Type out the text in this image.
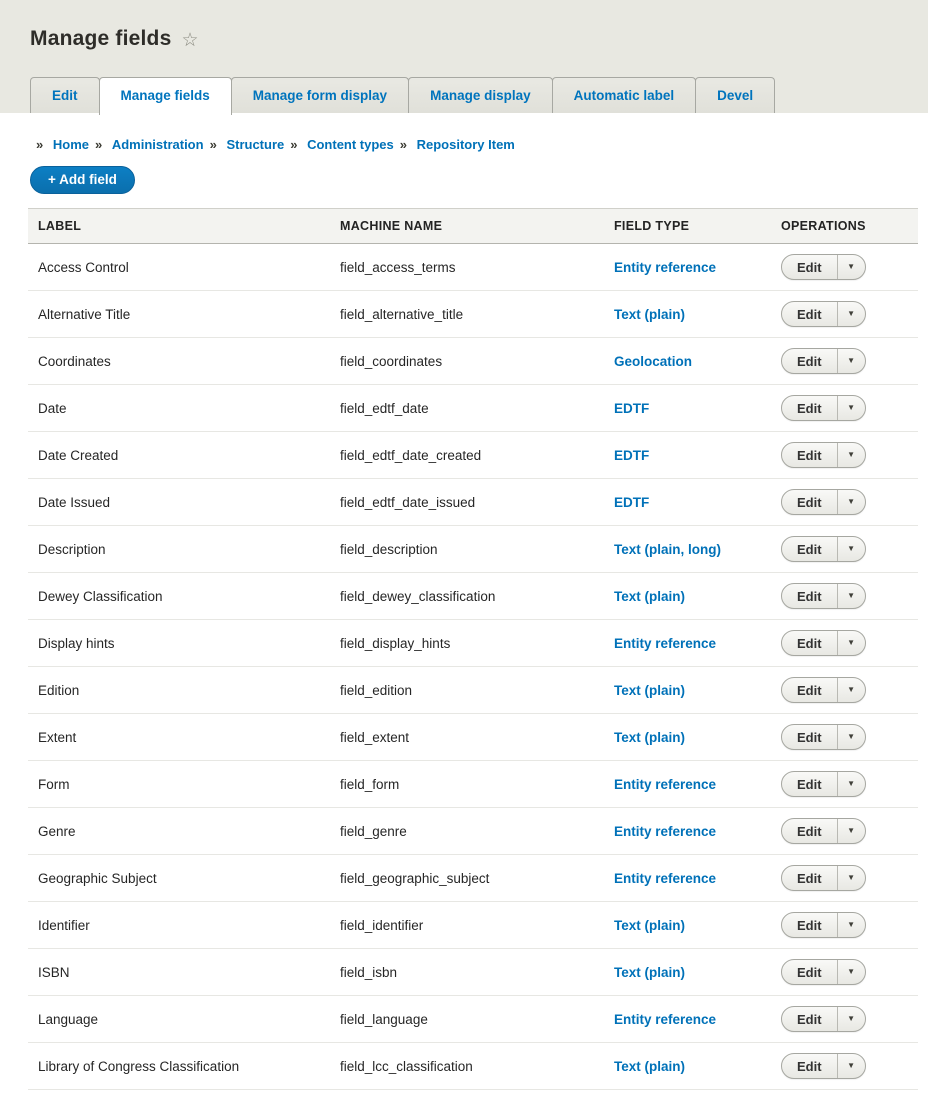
Manage fields ☆
Edit	Manage fields	Manage form display	Manage display	Automatic label	Devel
» Home » Administration » Structure » Content types » Repository Item
+ Add field
LABEL	MACHINE NAME	FIELD TYPE	OPERATIONS
Access Control	field_access_terms	Entity reference	Edit	▼
Alternative Title	field_alternative_title	Text (plain)	Edit	▼
Coordinates	field_coordinates	Geolocation	Edit	▼
Date	field_edtf_date	EDTF	Edit	▼
Date Created	field_edtf_date_created	EDTF	Edit	▼
Date Issued	field_edtf_date_issued	EDTF	Edit	▼
Description	field_description	Text (plain, long)	Edit	▼
Dewey Classification	field_dewey_classification	Text (plain)	Edit	▼
Display hints	field_display_hints	Entity reference	Edit	▼
Edition	field_edition	Text (plain)	Edit	▼
Extent	field_extent	Text (plain)	Edit	▼
Form	field_form	Entity reference	Edit	▼
Genre	field_genre	Entity reference	Edit	▼
Geographic Subject	field_geographic_subject	Entity reference	Edit	▼
Identifier	field_identifier	Text (plain)	Edit	▼
ISBN	field_isbn	Text (plain)	Edit	▼
Language	field_language	Entity reference	Edit	▼
Library of Congress Classification	field_lcc_classification	Text (plain)	Edit	▼
